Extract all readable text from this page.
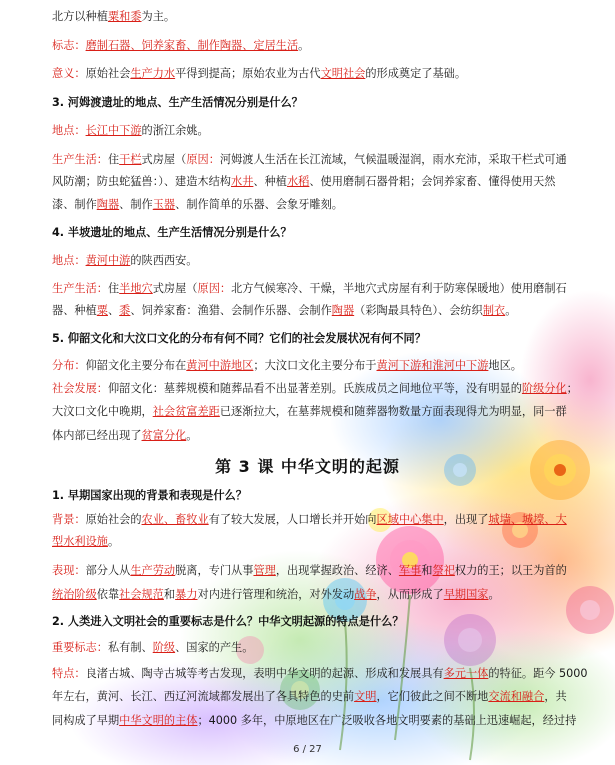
第 3 课 中华文明的起源
6 / 27
北方以种植粟和黍为主。
标志：磨制石器、饲养家畜、制作陶器、定居生活。
意义：原始社会生产力水平得到提高；原始农业为古代文明社会的形成奠定了基础。
3. 河姆渡遗址的地点、生产生活情况分别是什么？
地点：长江中下游的浙江余姚。
生产生活：住干栏式房屋（原因：河姆渡人生活在长江流域，气候温暖湿润，雨水充沛，采取干栏式可通
风防潮；防虫蛇猛兽：）、建造木结构水井、种植水稻、使用磨制石器骨耜；会饲养家畜、懂得使用天然
漆、制作陶器、制作玉器、制作简单的乐器、会象牙雕刻。
4. 半坡遗址的地点、生产生活情况分别是什么？
地点：黄河中游的陕西西安。
生产生活：住半地穴式房屋（原因：北方气候寒冷、干燥，半地穴式房屋有利于防寒保暖地）使用磨制石
器、种植粟、黍、饲养家畜：渔猎、会制作乐器、会制作陶器（彩陶最具特色）、会纺织制衣。
5. 仰韶文化和大汶口文化的分布有何不同？它们的社会发展状况有何不同？
分布：仰韶文化主要分布在黄河中游地区；大汶口文化主要分布于黄河下游和淮河中下游地区。
社会发展：仰韶文化：墓葬规模和随葬品看不出显著差别。氏族成员之间地位平等，没有明显的阶级分化；
大汶口文化中晚期，社会贫富差距已逐渐拉大，在墓葬规模和随葬器物数量方面表现得尤为明显，同一群
体内部已经出现了贫富分化。
1. 早期国家出现的背景和表现是什么？
背景：原始社会的农业、畜牧业有了较大发展，人口增长并开始向区域中心集中，出现了城墙、城壕、大
型水利设施。
表现：部分人从生产劳动脱离，专门从事管理，出现掌握政治、经济、军事和祭祀权力的王；以王为首的
统治阶级依靠社会规范和暴力对内进行管理和统治，对外发动战争，从而形成了早期国家。
2. 人类进入文明社会的重要标志是什么？中华文明起源的特点是什么？
重要标志：私有制、阶级、国家的产生。
特点：良渚古城、陶寺古城等考古发现，表明中华文明的起源、形成和发展具有多元一体的特征。距今 5000
年左右，黄河、长江、西辽河流域都发展出了各具特色的史前文明，它们彼此之间不断地交流和融合，共
同构成了早期中华文明的主体；4000 多年，中原地区在广泛吸收各地文明要素的基础上迅速崛起，经过持
